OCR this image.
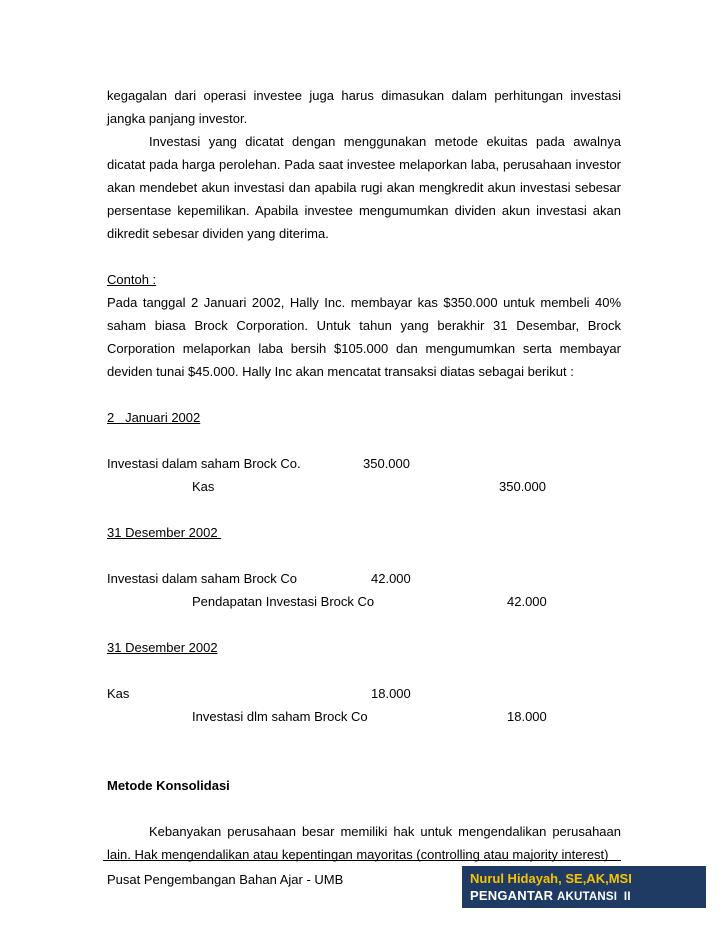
kegagalan dari operasi investee juga harus dimasukan dalam perhitungan investasi jangka panjang investor.

Investasi yang dicatat dengan menggunakan metode ekuitas pada awalnya dicatat pada harga perolehan. Pada saat investee melaporkan laba, perusahaan investor akan mendebet akun investasi dan apabila rugi akan mengkredit akun investasi sebesar persentase kepemilikan. Apabila investee mengumumkan dividen akun investasi akan dikredit sebesar dividen yang diterima.

Contoh :

Pada tanggal 2 Januari 2002, Hally Inc. membayar kas $350.000 untuk membeli 40% saham biasa Brock Corporation. Untuk tahun yang berakhir 31 Desembar, Brock Corporation melaporkan laba bersih $105.000 dan mengumumkan serta membayar deviden tunai $45.000. Hally Inc akan mencatat transaksi diatas sebagai berikut :

2   Januari 2002
Investasi dalam saham Brock Co.	350.000
Kas	350.000
31 Desember 2002
Investasi dalam saham Brock Co	42.000
Pendapatan Investasi Brock Co	42.000
31 Desember 2002
Kas	18.000
Investasi dlm saham Brock Co	18.000
Metode Konsolidasi

Kebanyakan perusahaan besar memiliki hak untuk mengendalikan perusahaan lain. Hak mengendalikan atau kepentingan mayoritas (controlling atau majority interest)

Pusat Pengembangan Bahan Ajar - UMB	Nurul Hidayah, SE,AK,MSI
PENGANTAR AKUTANSI  II
